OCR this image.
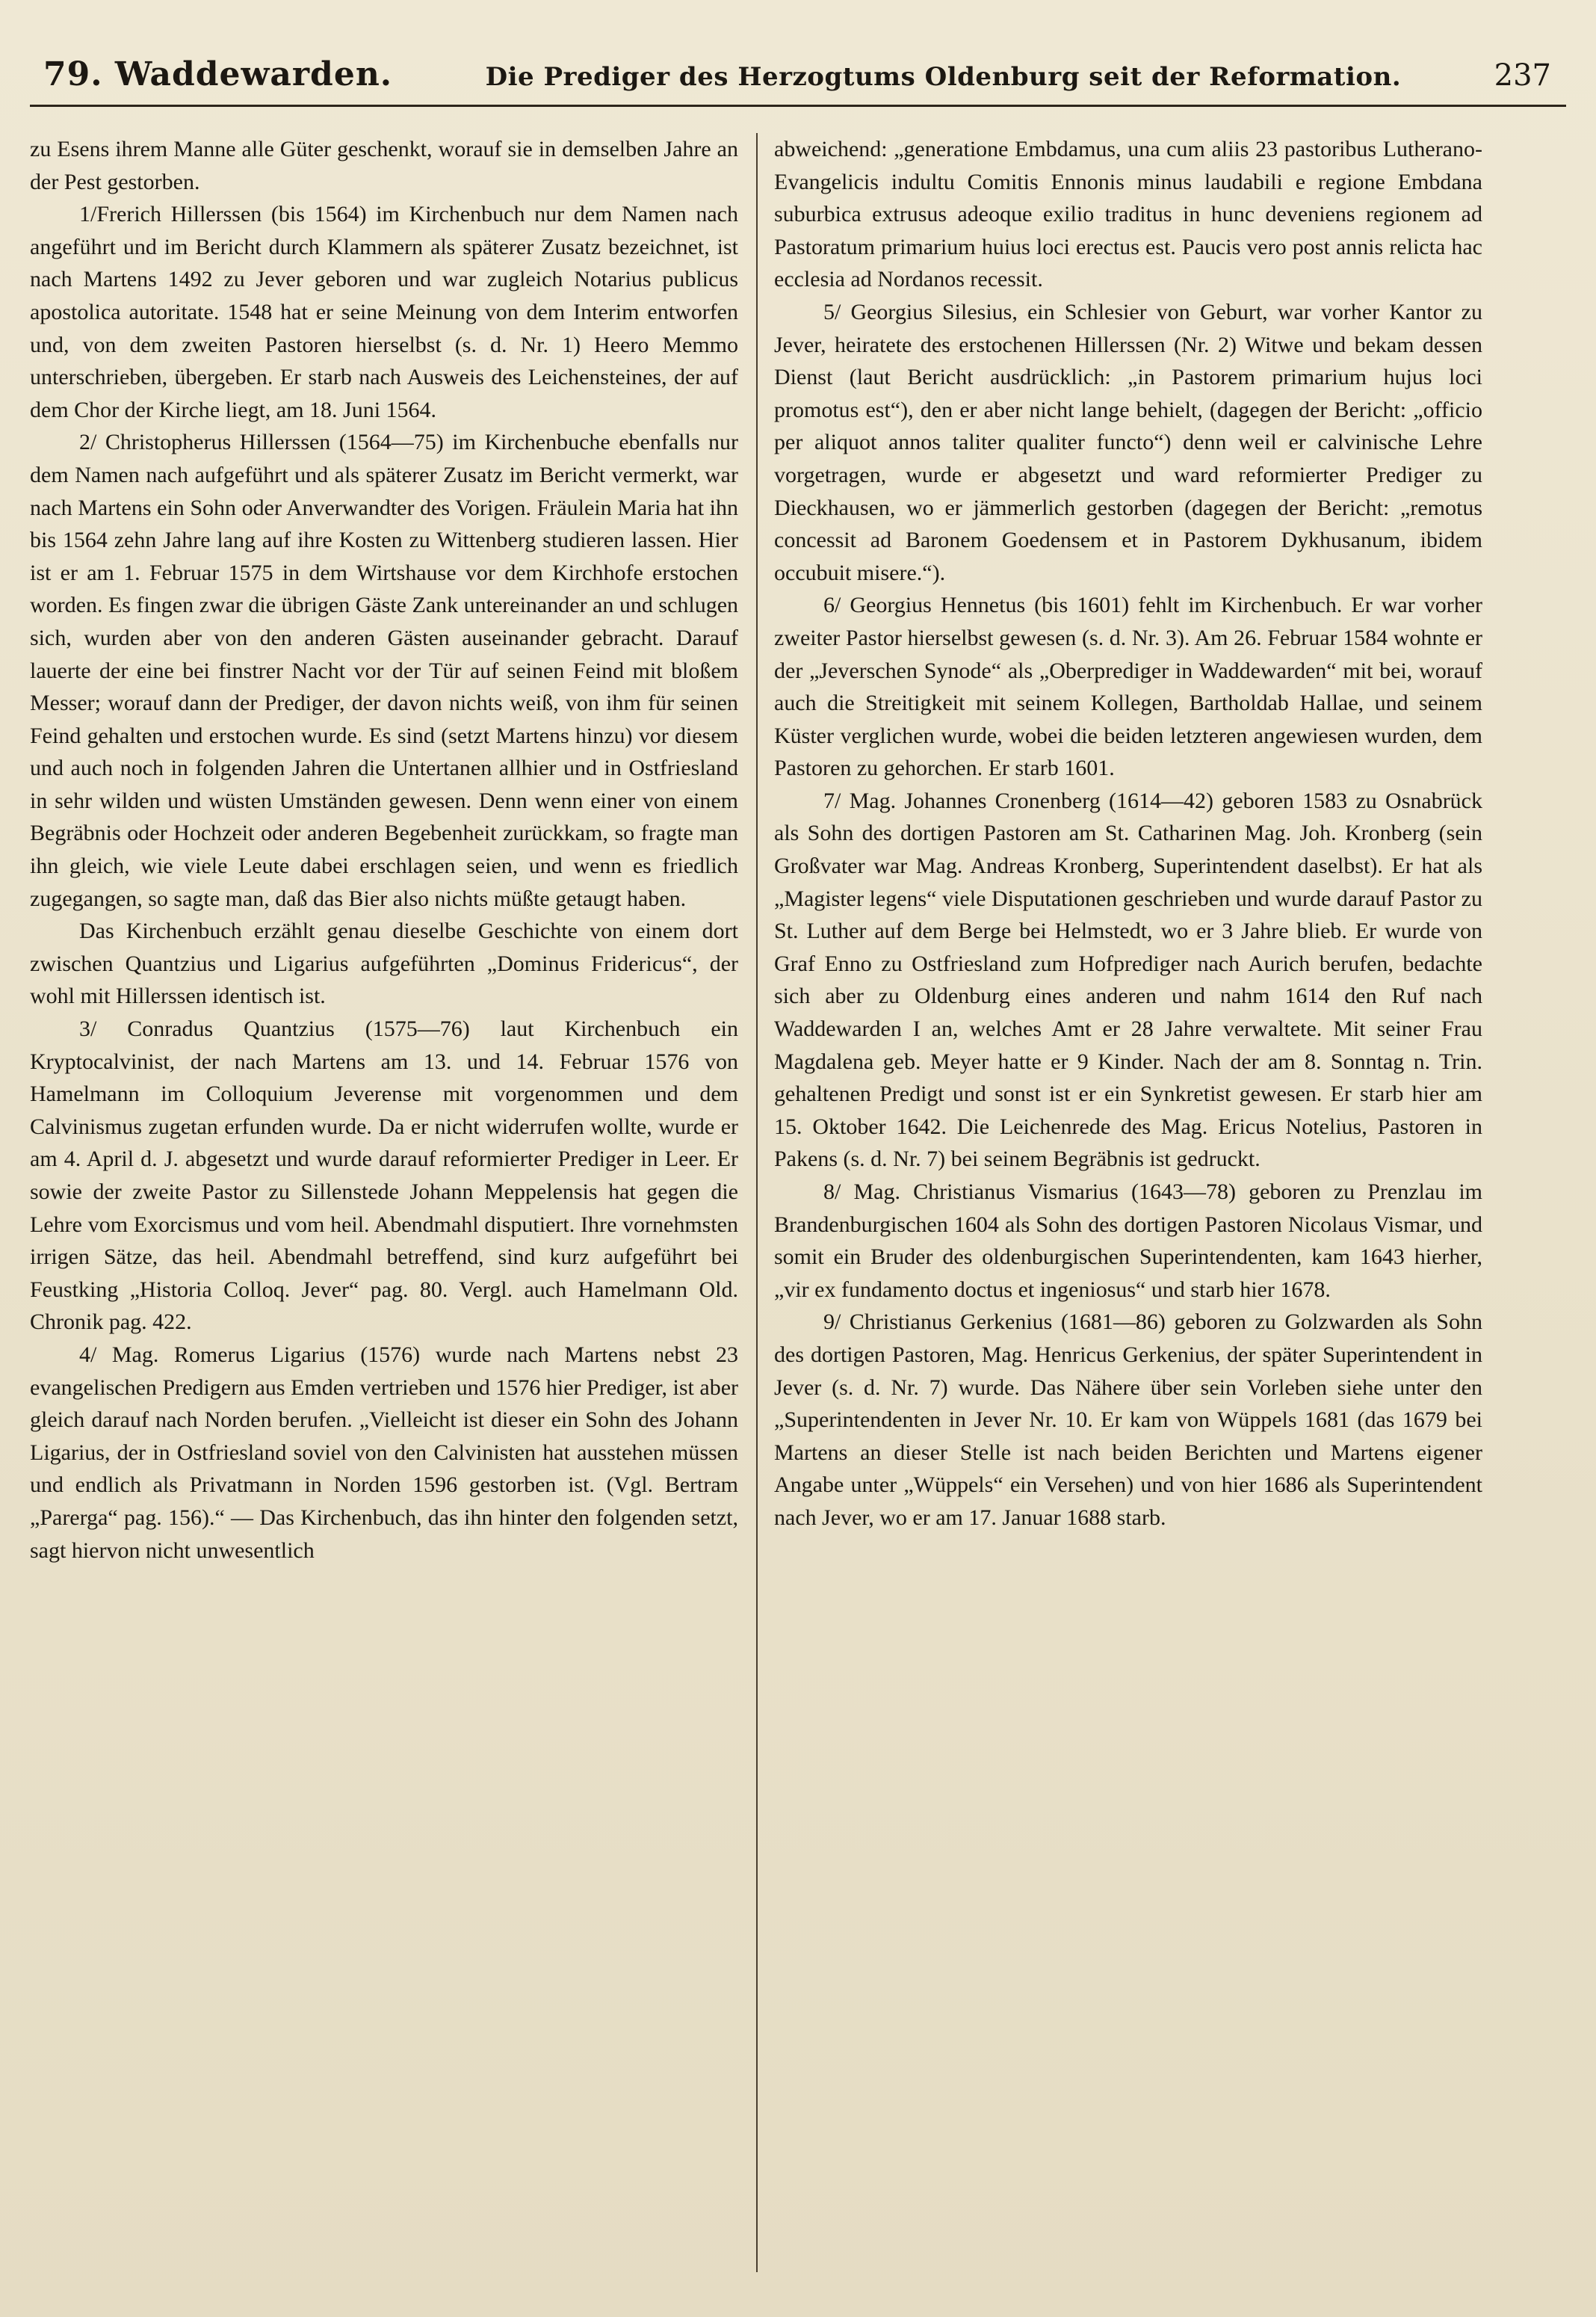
79. Waddewarden.	Die Prediger des Herzogtums Oldenburg seit der Reformation.	237

zu Esens ihrem Manne alle Güter geschenkt, worauf sie in demselben Jahre an der Pest gestorben.

1/Frerich Hillerssen (bis 1564) im Kirchenbuch nur dem Namen nach angeführt und im Bericht durch Klammern als späterer Zusatz bezeichnet, ist nach Martens 1492 zu Jever geboren und war zugleich Notarius publicus apostolica autoritate. 1548 hat er seine Meinung von dem Interim entworfen und, von dem zweiten Pastoren hierselbst (s. d. Nr. 1) Heero Memmo unterschrieben, übergeben. Er starb nach Ausweis des Leichensteines, der auf dem Chor der Kirche liegt, am 18. Juni 1564.

2/ Christopherus Hillerssen (1564—75) im Kirchenbuche ebenfalls nur dem Namen nach aufgeführt und als späterer Zusatz im Bericht vermerkt, war nach Martens ein Sohn oder Anverwandter des Vorigen. Fräulein Maria hat ihn bis 1564 zehn Jahre lang auf ihre Kosten zu Wittenberg studieren lassen. Hier ist er am 1. Februar 1575 in dem Wirtshause vor dem Kirchhofe erstochen worden. Es fingen zwar die übrigen Gäste Zank untereinander an und schlugen sich, wurden aber von den anderen Gästen auseinander gebracht. Darauf lauerte der eine bei finstrer Nacht vor der Tür auf seinen Feind mit bloßem Messer; worauf dann der Prediger, der davon nichts weiß, von ihm für seinen Feind gehalten und erstochen wurde. Es sind (setzt Martens hinzu) vor diesem und auch noch in folgenden Jahren die Untertanen allhier und in Ostfriesland in sehr wilden und wüsten Umständen gewesen. Denn wenn einer von einem Begräbnis oder Hochzeit oder anderen Begebenheit zurückkam, so fragte man ihn gleich, wie viele Leute dabei erschlagen seien, und wenn es friedlich zugegangen, so sagte man, daß das Bier also nichts müßte getaugt haben.

Das Kirchenbuch erzählt genau dieselbe Geschichte von einem dort zwischen Quantzius und Ligarius aufgeführten „Dominus Fridericus“, der wohl mit Hillerssen identisch ist.

3/ Conradus Quantzius (1575—76) laut Kirchenbuch ein Kryptocalvinist, der nach Martens am 13. und 14. Februar 1576 von Hamelmann im Colloquium Jeverense mit vorgenommen und dem Calvinismus zugetan erfunden wurde. Da er nicht widerrufen wollte, wurde er am 4. April d. J. abgesetzt und wurde darauf reformierter Prediger in Leer. Er sowie der zweite Pastor zu Sillenstede Johann Meppelensis hat gegen die Lehre vom Exorcismus und vom heil. Abendmahl disputiert. Ihre vornehmsten irrigen Sätze, das heil. Abendmahl betreffend, sind kurz aufgeführt bei Feustking „Historia Colloq. Jever“ pag. 80. Vergl. auch Hamelmann Old. Chronik pag. 422.

4/ Mag. Romerus Ligarius (1576) wurde nach Martens nebst 23 evangelischen Predigern aus Emden vertrieben und 1576 hier Prediger, ist aber gleich darauf nach Norden berufen. „Vielleicht ist dieser ein Sohn des Johann Ligarius, der in Ostfriesland soviel von den Calvinisten hat ausstehen müssen und endlich als Privatmann in Norden 1596 gestorben ist. (Vgl. Bertram „Parerga“ pag. 156).“ — Das Kirchenbuch, das ihn hinter den folgenden setzt, sagt hiervon nicht unwesentlich

abweichend: „generatione Embdamus, una cum aliis 23 pastoribus Lutherano-Evangelicis indultu Comitis Ennonis minus laudabili e regione Embdana suburbica extrusus adeoque exilio traditus in hunc deveniens regionem ad Pastoratum primarium huius loci erectus est. Paucis vero post annis relicta hac ecclesia ad Nordanos recessit.

5/ Georgius Silesius, ein Schlesier von Geburt, war vorher Kantor zu Jever, heiratete des erstochenen Hillerssen (Nr. 2) Witwe und bekam dessen Dienst (laut Bericht ausdrücklich: „in Pastorem primarium hujus loci promotus est“), den er aber nicht lange behielt, (dagegen der Bericht: „officio per aliquot annos taliter qualiter functo“) denn weil er calvinische Lehre vorgetragen, wurde er abgesetzt und ward reformierter Prediger zu Dieckhausen, wo er jämmerlich gestorben (dagegen der Bericht: „remotus concessit ad Baronem Goedensem et in Pastorem Dykhusanum, ibidem occubuit misere.“).

6/ Georgius Hennetus (bis 1601) fehlt im Kirchenbuch. Er war vorher zweiter Pastor hierselbst gewesen (s. d. Nr. 3). Am 26. Februar 1584 wohnte er der „Jeverschen Synode“ als „Oberprediger in Waddewarden“ mit bei, worauf auch die Streitigkeit mit seinem Kollegen, Bartholdab Hallae, und seinem Küster verglichen wurde, wobei die beiden letzteren angewiesen wurden, dem Pastoren zu gehorchen. Er starb 1601.

7/ Mag. Johannes Cronenberg (1614—42) geboren 1583 zu Osnabrück als Sohn des dortigen Pastoren am St. Catharinen Mag. Joh. Kronberg (sein Großvater war Mag. Andreas Kronberg, Superintendent daselbst). Er hat als „Magister legens“ viele Disputationen geschrieben und wurde darauf Pastor zu St. Luther auf dem Berge bei Helmstedt, wo er 3 Jahre blieb. Er wurde von Graf Enno zu Ostfriesland zum Hofprediger nach Aurich berufen, bedachte sich aber zu Oldenburg eines anderen und nahm 1614 den Ruf nach Waddewarden I an, welches Amt er 28 Jahre verwaltete. Mit seiner Frau Magdalena geb. Meyer hatte er 9 Kinder. Nach der am 8. Sonntag n. Trin. gehaltenen Predigt und sonst ist er ein Synkretist gewesen. Er starb hier am 15. Oktober 1642. Die Leichenrede des Mag. Ericus Notelius, Pastoren in Pakens (s. d. Nr. 7) bei seinem Begräbnis ist gedruckt.

8/ Mag. Christianus Vismarius (1643—78) geboren zu Prenzlau im Brandenburgischen 1604 als Sohn des dortigen Pastoren Nicolaus Vismar, und somit ein Bruder des oldenburgischen Superintendenten, kam 1643 hierher, „vir ex fundamento doctus et ingeniosus“ und starb hier 1678.

9/ Christianus Gerkenius (1681—86) geboren zu Golzwarden als Sohn des dortigen Pastoren, Mag. Henricus Gerkenius, der später Superintendent in Jever (s. d. Nr. 7) wurde. Das Nähere über sein Vorleben siehe unter den „Superintendenten in Jever Nr. 10. Er kam von Wüppels 1681 (das 1679 bei Martens an dieser Stelle ist nach beiden Berichten und Martens eigener Angabe unter „Wüppels“ ein Versehen) und von hier 1686 als Superintendent nach Jever, wo er am 17. Januar 1688 starb.
